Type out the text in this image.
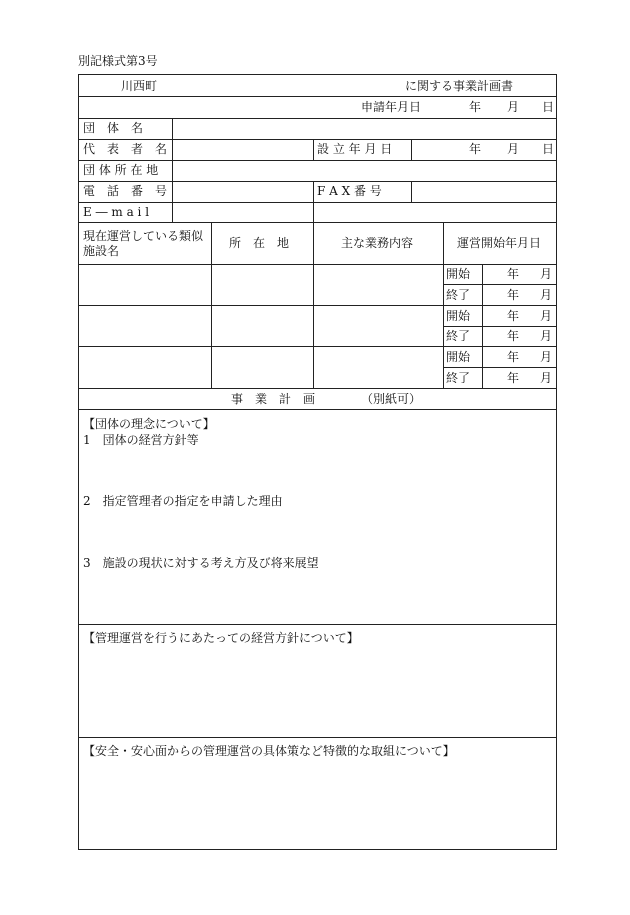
別記様式第3号
川西町	に関する事業計画書
申請年月日	年 月 日
団　体　名
代　表　者　名	設 立 年 月 日	年 月 日
団 体 所 在 地
電　話　番　号	F A X 番 号
E ― m a i l
現在運営している類似
施設名
所　在　地	主な業務内容	運営開始年月日
開始	年 月
終了	年 月
開始	年 月
終了	年 月
開始	年 月
終了	年 月
事　業　計　画	（別紙可）
【団体の理念について】
1　団体の経営方針等
2　指定管理者の指定を申請した理由
3　施設の現状に対する考え方及び将来展望
【管理運営を行うにあたっての経営方針について】
【安全・安心面からの管理運営の具体策など特徴的な取組について】
